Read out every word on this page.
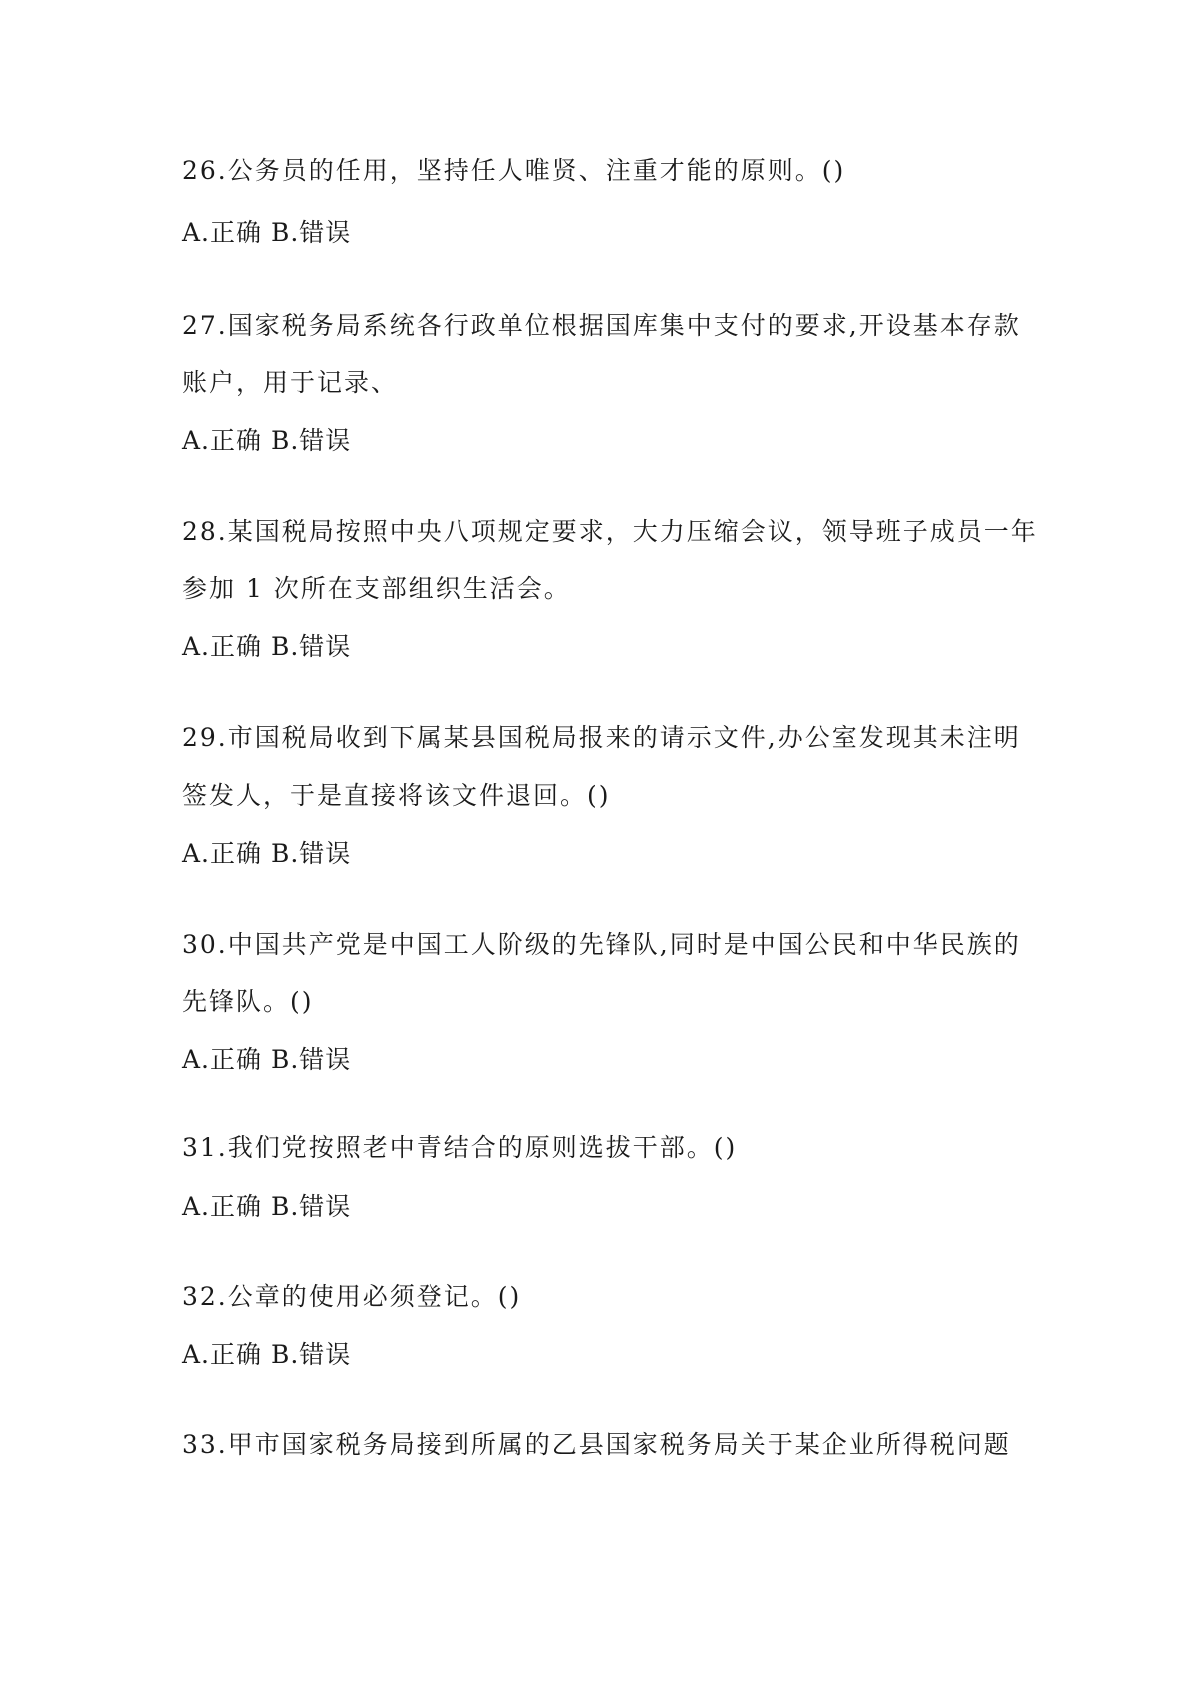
26.公务员的任用，坚持任人唯贤、注重才能的原则。()
A.正确 B.错误
27.国家税务局系统各行政单位根据国库集中支付的要求,开设基本存款
账户，用于记录、
A.正确 B.错误
28.某国税局按照中央八项规定要求，大力压缩会议，领导班子成员一年
参加 1 次所在支部组织生活会。
A.正确 B.错误
29.市国税局收到下属某县国税局报来的请示文件,办公室发现其未注明
签发人，于是直接将该文件退回。()
A.正确 B.错误
30.中国共产党是中国工人阶级的先锋队,同时是中国公民和中华民族的
先锋队。()
A.正确 B.错误
31.我们党按照老中青结合的原则选拔干部。()
A.正确 B.错误
32.公章的使用必须登记。()
A.正确 B.错误
33.甲市国家税务局接到所属的乙县国家税务局关于某企业所得税问题
